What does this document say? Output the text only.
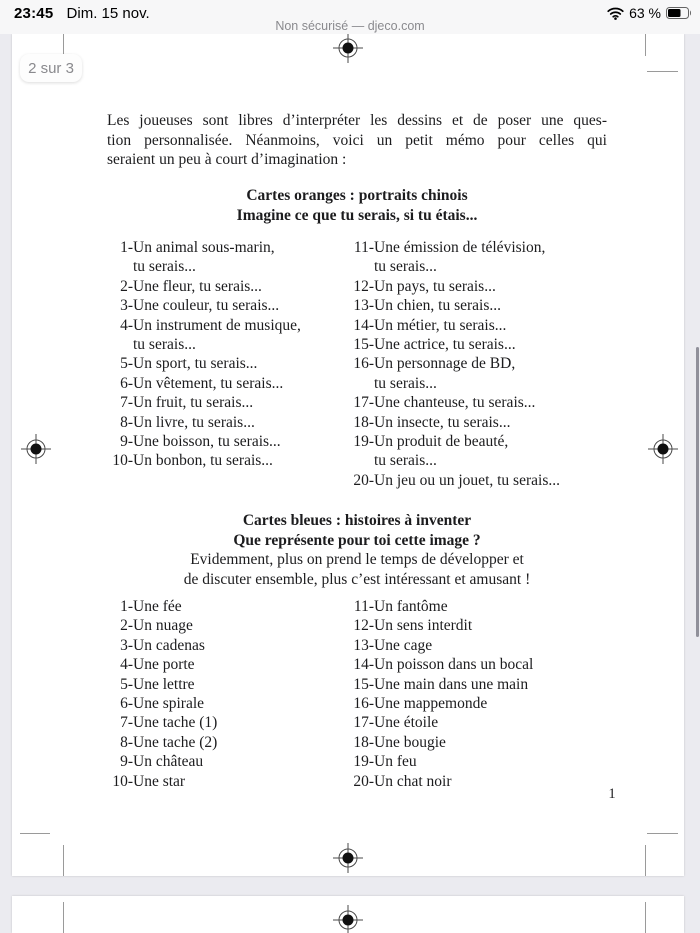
23:45 Dim. 15 nov.	63 %
Non sécurisé — djeco.com
Les joueuses sont libres d’interpréter les dessins et de poser une ques-
tion personnalisée. Néanmoins, voici un petit mémo pour celles qui
seraient un peu à court d’imagination :
Cartes oranges : portraits chinois
Imagine ce que tu serais, si tu étais...
1-Un animal sous-marin,
tu serais...
2-Une fleur, tu serais...
3-Une couleur, tu serais...
4-Un instrument de musique,
tu serais...
5-Un sport, tu serais...
6-Un vêtement, tu serais...
7-Un fruit, tu serais...
8-Un livre, tu serais...
9-Une boisson, tu serais...
10-Un bonbon, tu serais...
11-Une émission de télévision,
tu serais...
12-Un pays, tu serais...
13-Un chien, tu serais...
14-Un métier, tu serais...
15-Une actrice, tu serais...
16-Un personnage de BD,
tu serais...
17-Une chanteuse, tu serais...
18-Un insecte, tu serais...
19-Un produit de beauté,
tu serais...
20-Un jeu ou un jouet, tu serais...
Cartes bleues : histoires à inventer
Que représente pour toi cette image ?
Evidemment, plus on prend le temps de développer et
de discuter ensemble, plus c’est intéressant et amusant !
1-Une fée
2-Un nuage
3-Un cadenas
4-Une porte
5-Une lettre
6-Une spirale
7-Une tache (1)
8-Une tache (2)
9-Un château
10-Une star
11-Un fantôme
12-Un sens interdit
13-Une cage
14-Un poisson dans un bocal
15-Une main dans une main
16-Une mappemonde
17-Une étoile
18-Une bougie
19-Un feu
20-Un chat noir
1
2 sur 3
